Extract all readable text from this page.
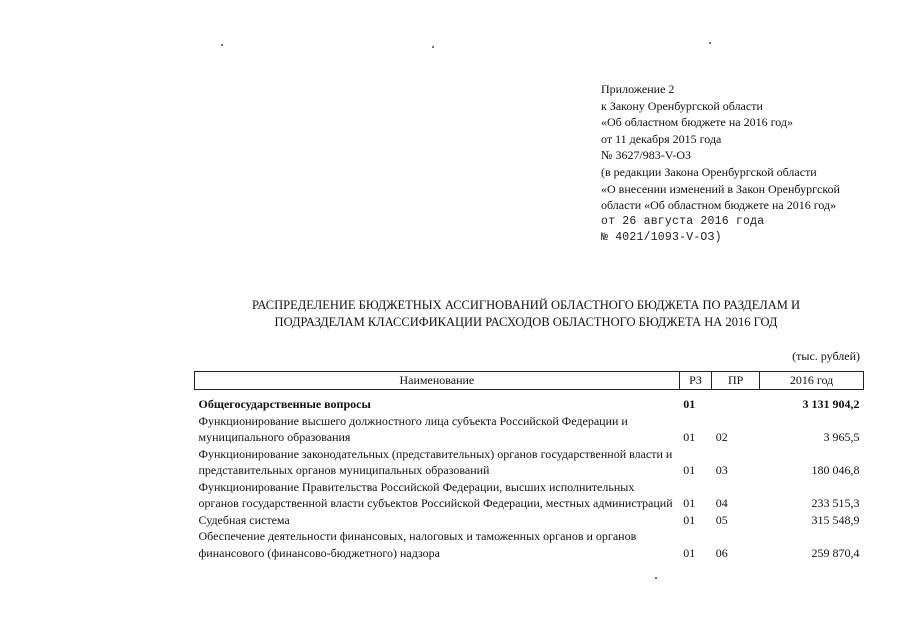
Приложение 2
к Закону Оренбургской области
«Об областном бюджете на 2016 год»
от 11 декабря 2015 года
№ 3627/983-V-ОЗ
(в редакции Закона Оренбургской области
«О внесении изменений в Закон Оренбургской
области «Об областном бюджете на 2016 год»
от 26 августа 2016 года
№ 4021/1093-V-ОЗ)
РАСПРЕДЕЛЕНИЕ БЮДЖЕТНЫХ АССИГНОВАНИЙ ОБЛАСТНОГО БЮДЖЕТА ПО РАЗДЕЛАМ И
ПОДРАЗДЕЛАМ КЛАССИФИКАЦИИ РАСХОДОВ ОБЛАСТНОГО БЮДЖЕТА НА 2016 ГОД
(тыс. рублей)
Наименование	РЗ	ПР	2016 год
Общегосударственные вопросы	01		3 131 904,2
Функционирование высшего должностного лица субъекта Российской Федерации и муниципального образования	01	02	3 965,5
Функционирование законодательных (представительных) органов государственной власти и представительных органов муниципальных образований	01	03	180 046,8
Функционирование Правительства Российской Федерации, высших исполнительных органов государственной власти субъектов Российской Федерации, местных администраций	01	04	233 515,3
Судебная система	01	05	315 548,9
Обеспечение деятельности финансовых, налоговых и таможенных органов и органов финансового (финансово-бюджетного) надзора	01	06	259 870,4
